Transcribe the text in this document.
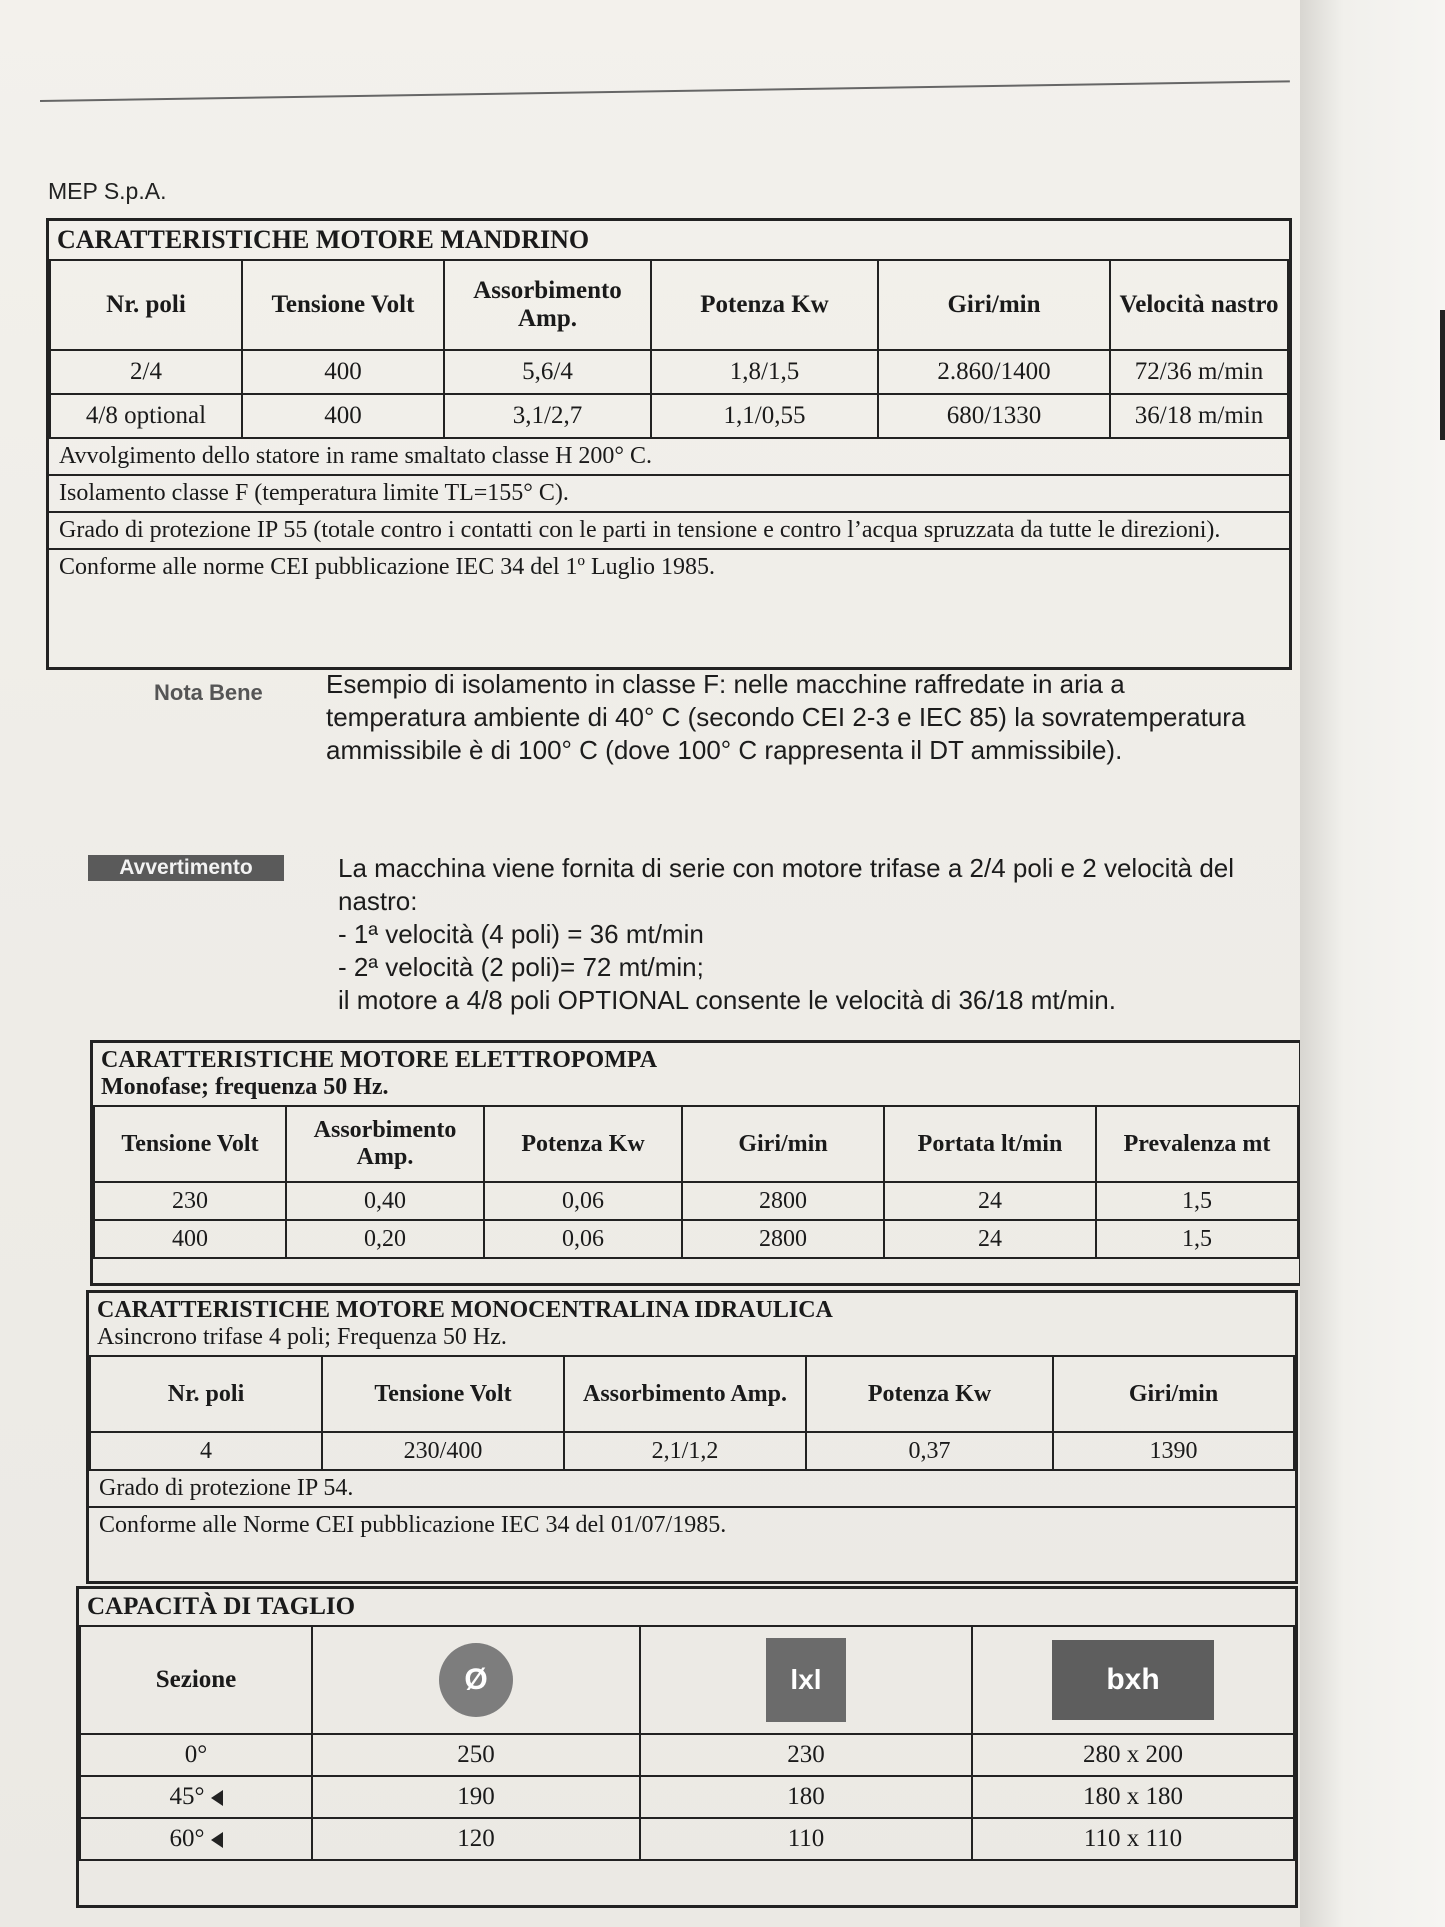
MEP S.p.A.
CARATTERISTICHE MOTORE MANDRINO
Nr. poli	Tensione Volt	Assorbimento Amp.	Potenza Kw	Giri/min	Velocità nastro
2/4	400	5,6/4	1,8/1,5	2.860/1400	72/36 m/min
4/8 optional	400	3,1/2,7	1,1/0,55	680/1330	36/18 m/min
Avvolgimento dello statore in rame smaltato classe H 200° C.
Isolamento classe F (temperatura limite TL=155° C).
Grado di protezione IP 55 (totale contro i contatti con le parti in tensione e contro l’acqua spruzzata da tutte le direzioni).
Conforme alle norme CEI pubblicazione IEC 34 del 1º Luglio 1985.
Nota Bene Esempio di isolamento in classe F: nelle macchine raffredate in aria a temperatura ambiente di 40° C (secondo CEI 2-3 e IEC 85) la sovratemperatura ammissibile è di 100° C (dove 100° C rappresenta il DT ammissibile).
Avvertimento	La macchina viene fornita di serie con motore trifase a 2/4 poli e 2 velocità del nastro:
- 1ª velocità (4 poli) = 36 mt/min
- 2ª velocità (2 poli)= 72 mt/min;
il motore a 4/8 poli OPTIONAL consente le velocità di 36/18 mt/min.
CARATTERISTICHE MOTORE ELETTROPOMPA
Monofase; frequenza 50 Hz.
Tensione Volt	Assorbimento Amp.	Potenza Kw	Giri/min	Portata lt/min	Prevalenza mt
230	0,40	0,06	2800	24	1,5
400	0,20	0,06	2800	24	1,5
CARATTERISTICHE MOTORE MONOCENTRALINA IDRAULICA
Asincrono trifase 4 poli; Frequenza 50 Hz.
Nr. poli	Tensione Volt	Assorbimento Amp.	Potenza Kw	Giri/min
4	230/400	2,1/1,2	0,37	1390
Grado di protezione IP 54.
Conforme alle Norme CEI pubblicazione IEC 34 del 01/07/1985.
CAPACITÀ DI TAGLIO
Sezione	Ø	lxl	bxh
0°	250	230	280 x 200
45°	190	180	180 x 180
60°	120	110	110 x 110
